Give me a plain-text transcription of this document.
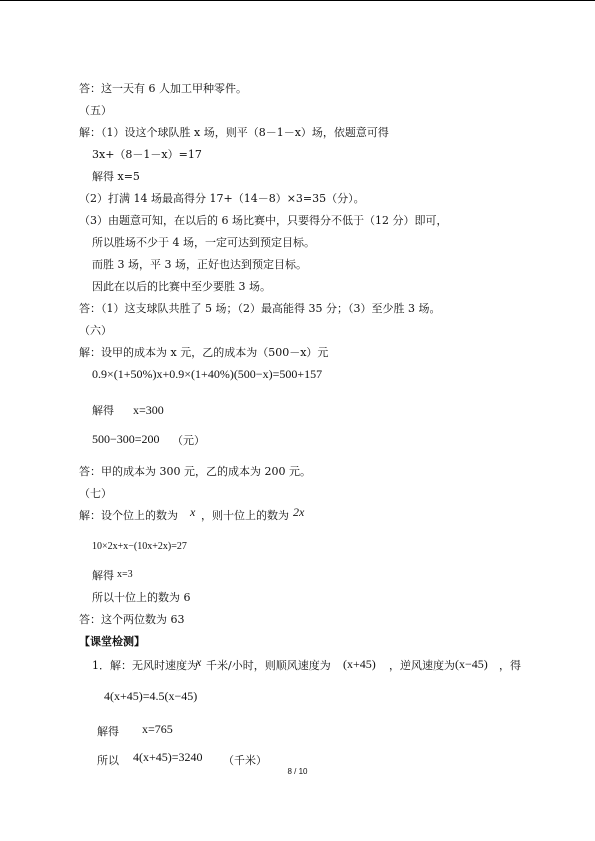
答：这一天有 6 人加工甲种零件。
（五）
解：（1）设这个球队胜 x 场，则平（8－1－x）场，依题意可得
3x+（8－1－x）=17
解得 x=5
（2）打满 14 场最高得分 17+（14－8）×3=35（分）。
（3）由题意可知，在以后的 6 场比赛中，只要得分不低于（12 分）即可，
所以胜场不少于 4 场，一定可达到预定目标。
而胜 3 场，平 3 场，正好也达到预定目标。
因此在以后的比赛中至少要胜 3 场。
答：（1）这支球队共胜了 5 场；（2）最高能得 35 分；（3）至少胜 3 场。
（六）
解：设甲的成本为 x 元，乙的成本为（500－x）元
0.9×(1+50%)x+0.9×(1+40%)(500−x)=500+157
解得 x=300
500−300=200 （元）
答：甲的成本为 300 元，乙的成本为 200 元。
（七）
解：设个位上的数为 x ，则十位上的数为 2x
10×2x+x−(10x+2x)=27
解得 x=3
所以十位上的数为 6
答：这个两位数为 63
【课堂检测】
1．解：无风时速度为
x 千米/小时，则顺风速度为 (x+45) ，逆风速度为 (x−45) ，得
4(x+45)=4.5(x−45)
解得 x=765
所以 4(x+45)=3240 （千米）
8 / 10
